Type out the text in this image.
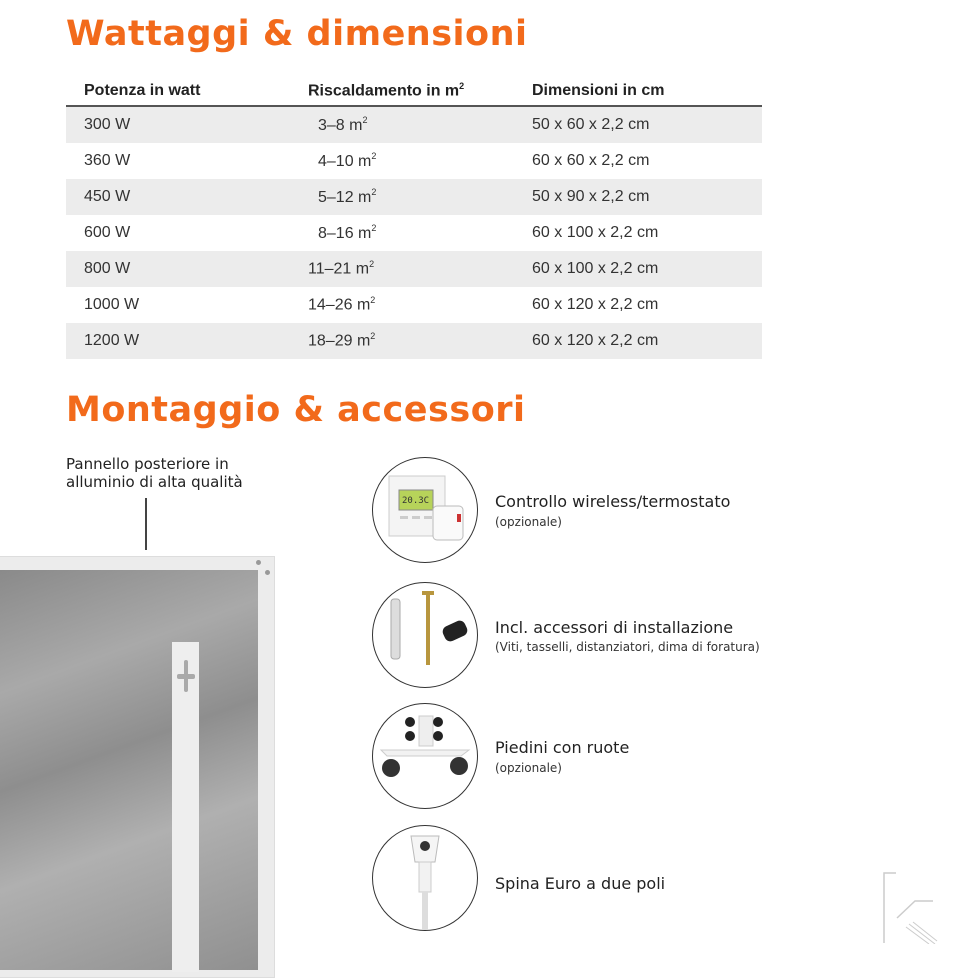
Wattaggi & dimensioni
Potenza in watt	Riscaldamento in $m^2$	Dimensioni in cm
300 W	3–8 $m^2$	50 x 60 x 2,2 cm
360 W	4–10 $m^2$	60 x 60 x 2,2 cm
450 W	5–12 $m^2$	50 x 90 x 2,2 cm
600 W	8–16 $m^2$	60 x 100 x 2,2 cm
800 W	11–21 $m^2$	60 x 100 x 2,2 cm
1000 W	14–26 $m^2$	60 x 120 x 2,2 cm
1200 W	18–29 $m^2$	60 x 120 x 2,2 cm
Montaggio & accessori
Pannello posteriore in
alluminio di alta qualità
20.3C	Controllo wireless/termostato
(opzionale)
Incl. accessori di installazione
(Viti, tasselli, distanziatori, dima di foratura)
Piedini con ruote
(opzionale)
Spina Euro a due poli
